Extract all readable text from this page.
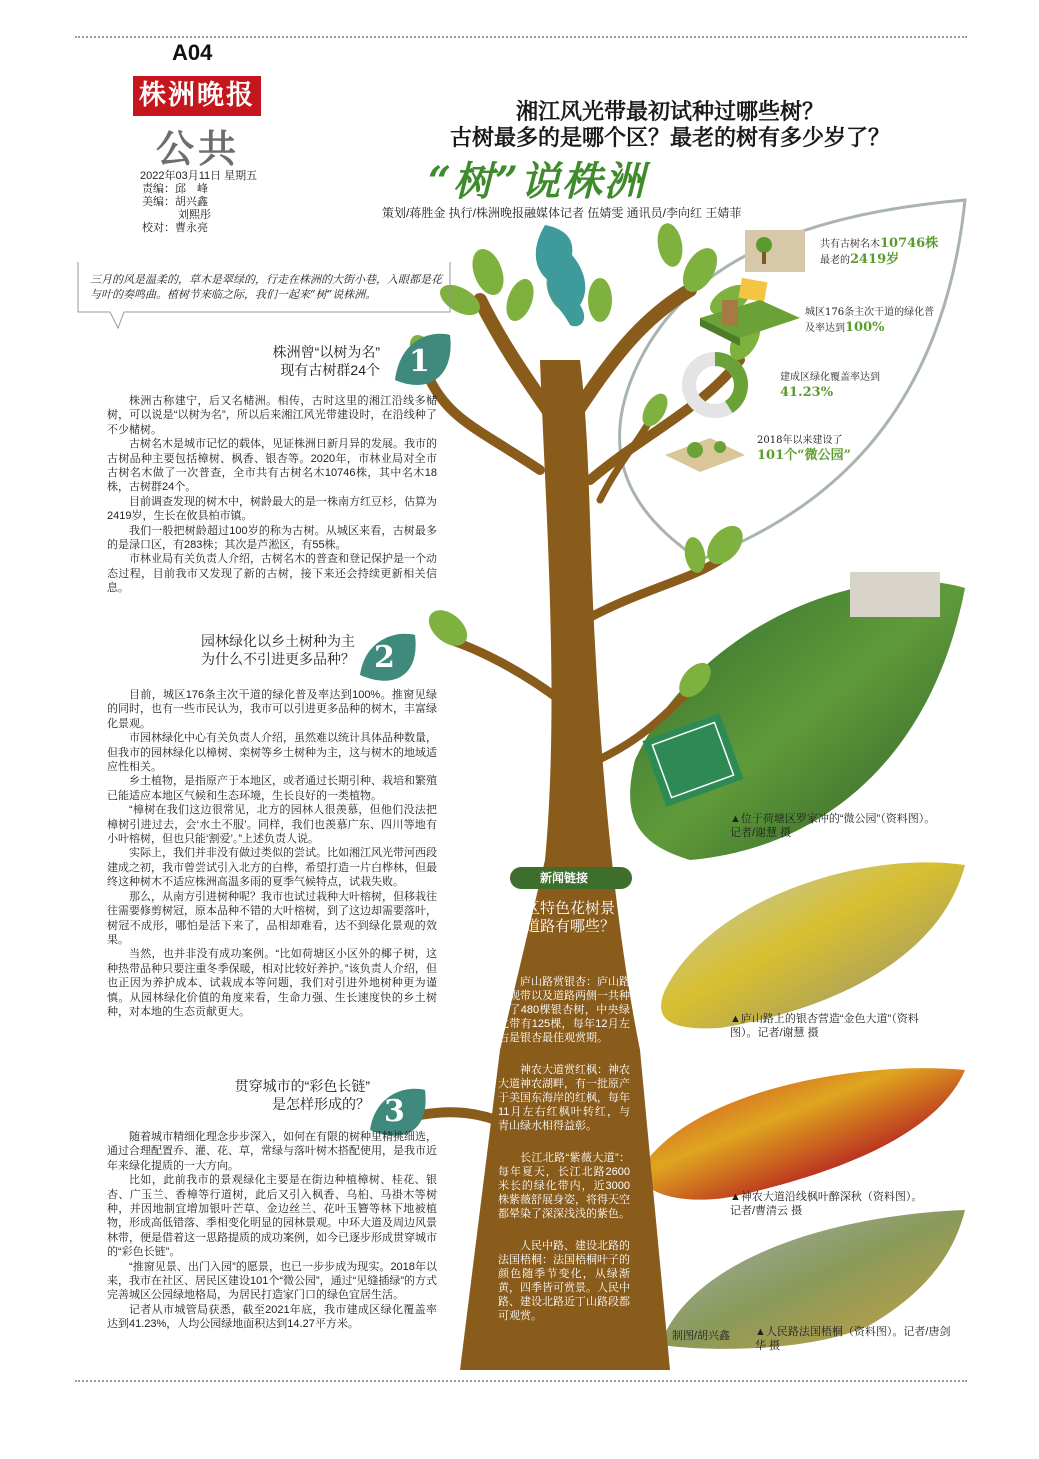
A04
株洲晚报
公共
2022年03月11日 星期五
责编：邱　峰
美编：胡兴鑫
刘熙彤
校对：曹永亮
湘江风光带最初试种过哪些树？
古树最多的是哪个区？最老的树有多少岁了？
“树”说株洲
策划/蒋胜金 执行/株洲晚报融媒体记者 伍婧雯 通讯员/李向红 王婧菲
三月的风是温柔的，草木是翠绿的，行走在株洲的大街小巷，入眼都是花与叶的奏鸣曲。植树节来临之际，我们一起来“树”说株洲。
共有古树名木10746株
最老的2419岁
城区176条主次干道的绿化普及率达到100%
建成区绿化覆盖率达到41.23%
2018年以来建设了
101个“微公园”
1
2
3
株洲曾“以树为名”
现有古树群24个

株洲古称建宁，后又名槠洲。相传，古时这里的湘江沿线多槠树，可以说是“以树为名”，所以后来湘江风光带建设时，在沿线种了不少槠树。

古树名木是城市记忆的载体，见证株洲日新月异的发展。我市的古树品种主要包括樟树、枫香、银杏等。2020年，市林业局对全市古树名木做了一次普查，全市共有古树名木10746株，其中名木18株，古树群24个。

目前调查发现的树木中，树龄最大的是一株南方红豆杉，估算为2419岁，生长在攸县柏市镇。

我们一般把树龄超过100岁的称为古树。从城区来看，古树最多的是渌口区，有283株；其次是芦淞区，有55株。

市林业局有关负责人介绍，古树名木的普查和登记保护是一个动态过程，目前我市又发现了新的古树，接下来还会持续更新相关信息。

园林绿化以乡土树种为主
为什么不引进更多品种？

目前，城区176条主次干道的绿化普及率达到100%。推窗见绿的同时，也有一些市民认为，我市可以引进更多品种的树木，丰富绿化景观。

市园林绿化中心有关负责人介绍，虽然难以统计具体品种数量，但我市的园林绿化以樟树、栾树等乡土树种为主，这与树木的地域适应性相关。

乡土植物，是指原产于本地区，或者通过长期引种、栽培和繁殖已能适应本地区气候和生态环境，生长良好的一类植物。

“樟树在我们这边很常见，北方的园林人很羡慕，但他们没法把樟树引进过去，会‘水土不服’。同样，我们也羡慕广东、四川等地有小叶榕树，但也只能‘割爱’。”上述负责人说。

实际上，我们并非没有做过类似的尝试。比如湘江风光带河西段建成之初，我市曾尝试引入北方的白桦，希望打造一片白桦林，但最终这种树木不适应株洲高温多雨的夏季气候特点，试栽失败。

那么，从南方引进树种呢？我市也试过栽种大叶榕树，但移栽往往需要修剪树冠，原本品种不错的大叶榕树，到了这边却需要落叶，树冠不成形，哪怕是活下来了，品相却难看，达不到绿化景观的效果。

当然，也并非没有成功案例。“比如荷塘区小区外的椰子树，这种热带品种只要注重冬季保暖，相对比较好养护。”该负责人介绍，但也正因为养护成本、试栽成本等问题，我们对引进外地树种更为谨慎。从园林绿化价值的角度来看，生命力强、生长速度快的乡土树种，对本地的生态贡献更大。

贯穿城市的“彩色长链”
是怎样形成的？

随着城市精细化理念步步深入，如何在有限的树种里精挑细选，通过合理配置乔、灌、花、草，常绿与落叶树木搭配使用，是我市近年来绿化提质的一大方向。

比如，此前我市的景观绿化主要是在街边种植樟树、桂花、银杏、广玉兰、香樟等行道树，此后又引入枫香、乌桕、马褂木等树种，并因地制宜增加银叶芒草、金边丝兰、花叶玉簪等林下地被植物，形成高低错落、季相变化明显的园林景观。中环大道及周边风景林带，便是借着这一思路提质的成功案例，如今已逐步形成贯穿城市的“彩色长链”。

“推窗见景、出门入园”的愿景，也已一步步成为现实。2018年以来，我市在社区、居民区建设101个“微公园”，通过“见缝插绿”的方式完善城区公园绿地格局，为居民打造家门口的绿色宜居生活。

记者从市城管局获悉，截至2021年底，我市建成区绿化覆盖率达到41.23%，人均公园绿地面积达到14.27平方米。

新闻链接
城区特色花树景观道路有哪些？

庐山路赏银杏：庐山路景观带以及道路两侧一共种植了480棵银杏树，中央绿化带有125棵，每年12月左右是银杏最佳观赏期。

神农大道赏红枫：神农大道神农湖畔，有一批原产于美国东海岸的红枫，每年11月左右红枫叶转红，与青山绿水相得益彰。

长江北路“紫薇大道”：每年夏天，长江北路2600米长的绿化带内，近3000株紫薇舒展身姿，将得天空都晕染了深深浅浅的紫色。

人民中路、建设北路的法国梧桐：法国梧桐叶子的颜色随季节变化，从绿渐黄，四季皆可赏景。人民中路、建设北路近丁山路段都可观赏。

▲位于荷塘区罗家冲的“微公园”（资料图）。记者/谢慧 摄
▲庐山路上的银杏营造“金色大道”（资料图）。记者/谢慧 摄
▲神农大道沿线枫叶醉深秋（资料图）。记者/曹清云 摄
▲人民路法国梧桐（资料图）。记者/唐剑华 摄
制图/胡兴鑫
